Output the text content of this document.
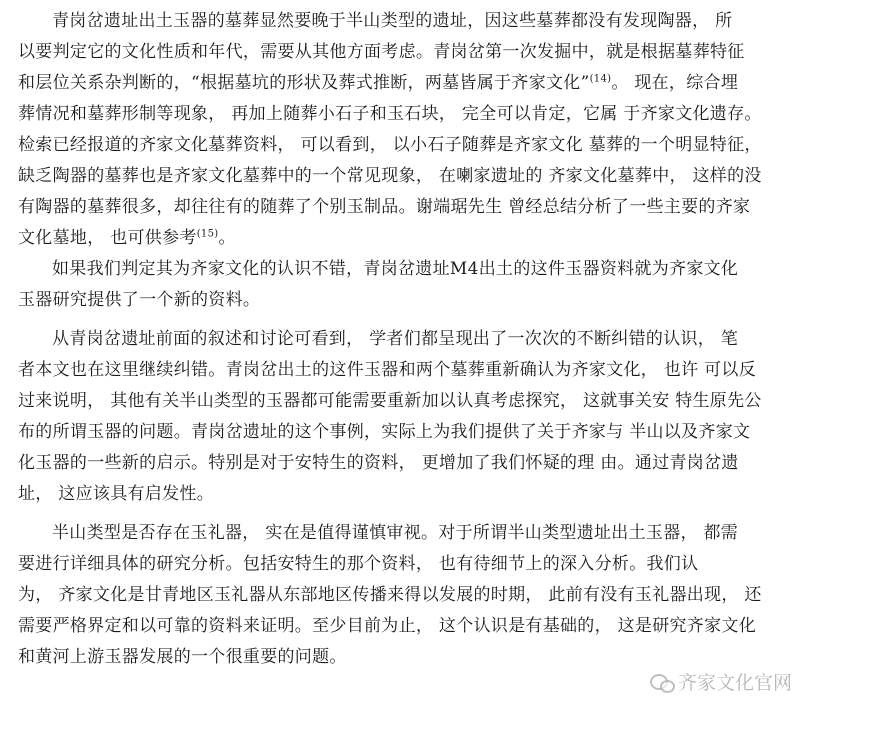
青岗岔遗址出土玉器的墓葬显然要晚于半山类型的遗址，因这些墓葬都没有发现陶器， 所
以要判定它的文化性质和年代，需要从其他方面考虑。青岗岔第一次发掘中，就是根据墓葬特征
和层位关系杂判断的，“根据墓坑的形状及葬式推断，两墓皆属于齐家文化”$^{(14)}$。 现在，综合埋
葬情况和墓葬形制等现象， 再加上随葬小石子和玉石块， 完全可以肯定，它属 于齐家文化遗存。
检索已经报道的齐家文化墓葬资料， 可以看到， 以小石子随葬是齐家文化 墓葬的一个明显特征，
缺乏陶器的墓葬也是齐家文化墓葬中的一个常见现象， 在喇家遗址的 齐家文化墓葬中， 这样的没
有陶器的墓葬很多，却往往有的随葬了个别玉制品。谢端琚先生 曾经总结分析了一些主要的齐家
文化墓地， 也可供参考$^{(15)}$。
如果我们判定其为齐家文化的认识不错，青岗岔遗址M4出土的这件玉器资料就为齐家文化
玉器研究提供了一个新的资料。
从青岗岔遗址前面的叙述和讨论可看到， 学者们都呈现出了一次次的不断纠错的认识， 笔
者本文也在这里继续纠错。青岗岔出土的这件玉器和两个墓葬重新确认为齐家文化， 也许 可以反
过来说明， 其他有关半山类型的玉器都可能需要重新加以认真考虑探究， 这就事关安 特生原先公
布的所谓玉器的问题。青岗岔遗址的这个事例，实际上为我们提供了关于齐家与 半山以及齐家文
化玉器的一些新的启示。特别是对于安特生的资料， 更增加了我们怀疑的理 由。通过青岗岔遗
址， 这应该具有启发性。
半山类型是否存在玉礼器， 实在是值得谨慎审视。对于所谓半山类型遗址出土玉器， 都需
要进行详细具体的研究分析。包括安特生的那个资料， 也有待细节上的深入分析。我们认
为， 齐家文化是甘青地区玉礼器从东部地区传播来得以发展的时期， 此前有没有玉礼器出现， 还
需要严格界定和以可靠的资料来证明。至少目前为止， 这个认识是有基础的， 这是研究齐家文化
和黄河上游玉器发展的一个很重要的问题。
齐家文化官网
